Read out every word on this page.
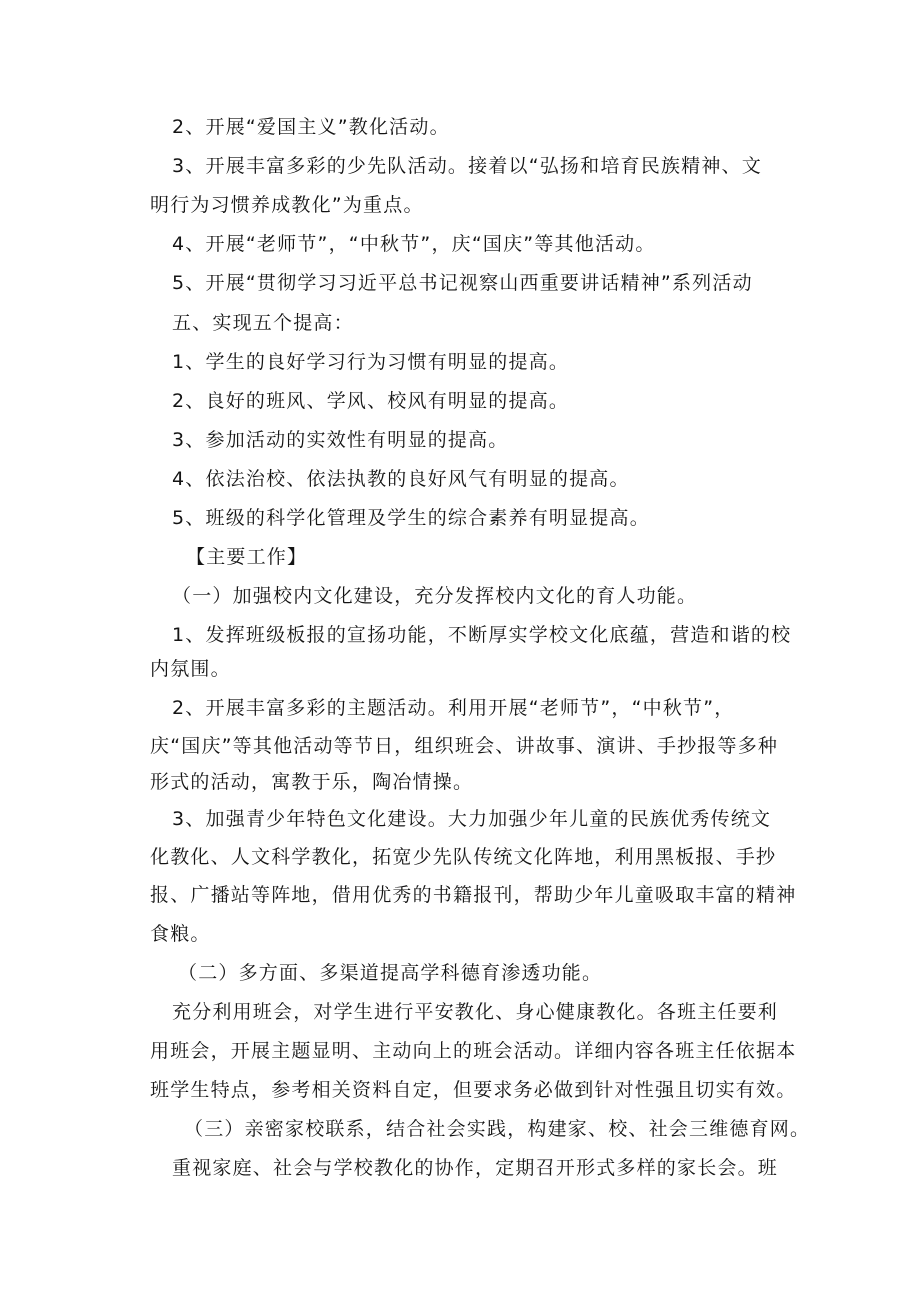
2、开展“爱国主义”教化活动。
3、开展丰富多彩的少先队活动。接着以“弘扬和培育民族精神、文
明行为习惯养成教化”为重点。
4、开展“老师节”，“中秋节”，庆“国庆”等其他活动。
5、开展“贯彻学习习近平总书记视察山西重要讲话精神”系列活动
五、实现五个提高：
1、学生的良好学习行为习惯有明显的提高。
2、良好的班风、学风、校风有明显的提高。
3、参加活动的实效性有明显的提高。
4、依法治校、依法执教的良好风气有明显的提高。
5、班级的科学化管理及学生的综合素养有明显提高。
【主要工作】
（一）加强校内文化建设，充分发挥校内文化的育人功能。
1、发挥班级板报的宣扬功能，不断厚实学校文化底蕴，营造和谐的校
内氛围。
2、开展丰富多彩的主题活动。利用开展“老师节”，“中秋节”，
庆“国庆”等其他活动等节日，组织班会、讲故事、演讲、手抄报等多种
形式的活动，寓教于乐，陶冶情操。
3、加强青少年特色文化建设。大力加强少年儿童的民族优秀传统文
化教化、人文科学教化，拓宽少先队传统文化阵地，利用黑板报、手抄
报、广播站等阵地，借用优秀的书籍报刊，帮助少年儿童吸取丰富的精神
食粮。
（二）多方面、多渠道提高学科德育渗透功能。
充分利用班会，对学生进行平安教化、身心健康教化。各班主任要利
用班会，开展主题显明、主动向上的班会活动。详细内容各班主任依据本
班学生特点，参考相关资料自定，但要求务必做到针对性强且切实有效。
（三）亲密家校联系，结合社会实践，构建家、校、社会三维德育网。
重视家庭、社会与学校教化的协作，定期召开形式多样的家长会。班
